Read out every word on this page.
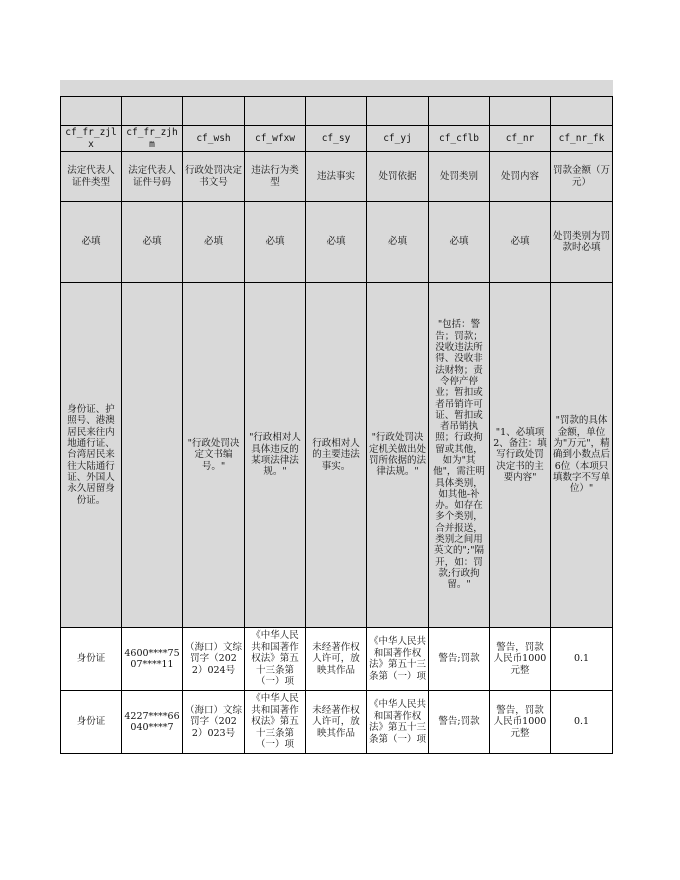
cf_fr_zjlx	cf_fr_zjhm	cf_wsh	cf_wfxw	cf_sy	cf_yj	cf_cflb	cf_nr	cf_nr_fk
法定代表人证件类型	法定代表人证件号码	行政处罚决定书文号	违法行为类型	违法事实	处罚依据	处罚类别	处罚内容	罚款金额（万元）
必填	必填	必填	必填	必填	必填	必填	必填	处罚类别为罚款时必填
身份证、护照号、港澳居民来往内地通行证、台湾居民来往大陆通行证、外国人永久居留身份证。		"行政处罚决定文书编号。"	"行政相对人具体违反的某项法律法规。"	行政相对人的主要违法事实。	"行政处罚决定机关做出处罚所依据的法律法规。"	"包括：警告；罚款；没收违法所得、没收非法财物；责令停产停业；暂扣或者吊销许可证、暂扣或者吊销执照；行政拘留或其他，如为"其他"，需注明具体类别，如其他-补办。如存在多个类别，合并报送，类别之间用英文的";"隔开，如：罚款;行政拘留。"	"1、必填项 2、备注：填写行政处罚决定书的主要内容"	"罚款的具体金额，单位为"万元"，精确到小数点后6位（本项只填数字不写单位）"
身份证	4600****7507****11	（海口）文综罚字（2022）024号	《中华人民共和国著作权法》第五十三条第（一）项	未经著作权人许可，放映其作品	《中华人民共和国著作权法》第五十三条第（一）项	警告;罚款	警告，罚款人民币1000元整	0.1
身份证	4227****66040****7	（海口）文综罚字（2022）023号	《中华人民共和国著作权法》第五十三条第（一）项	未经著作权人许可，放映其作品	《中华人民共和国著作权法》第五十三条第（一）项	警告;罚款	警告，罚款人民币1000元整	0.1
